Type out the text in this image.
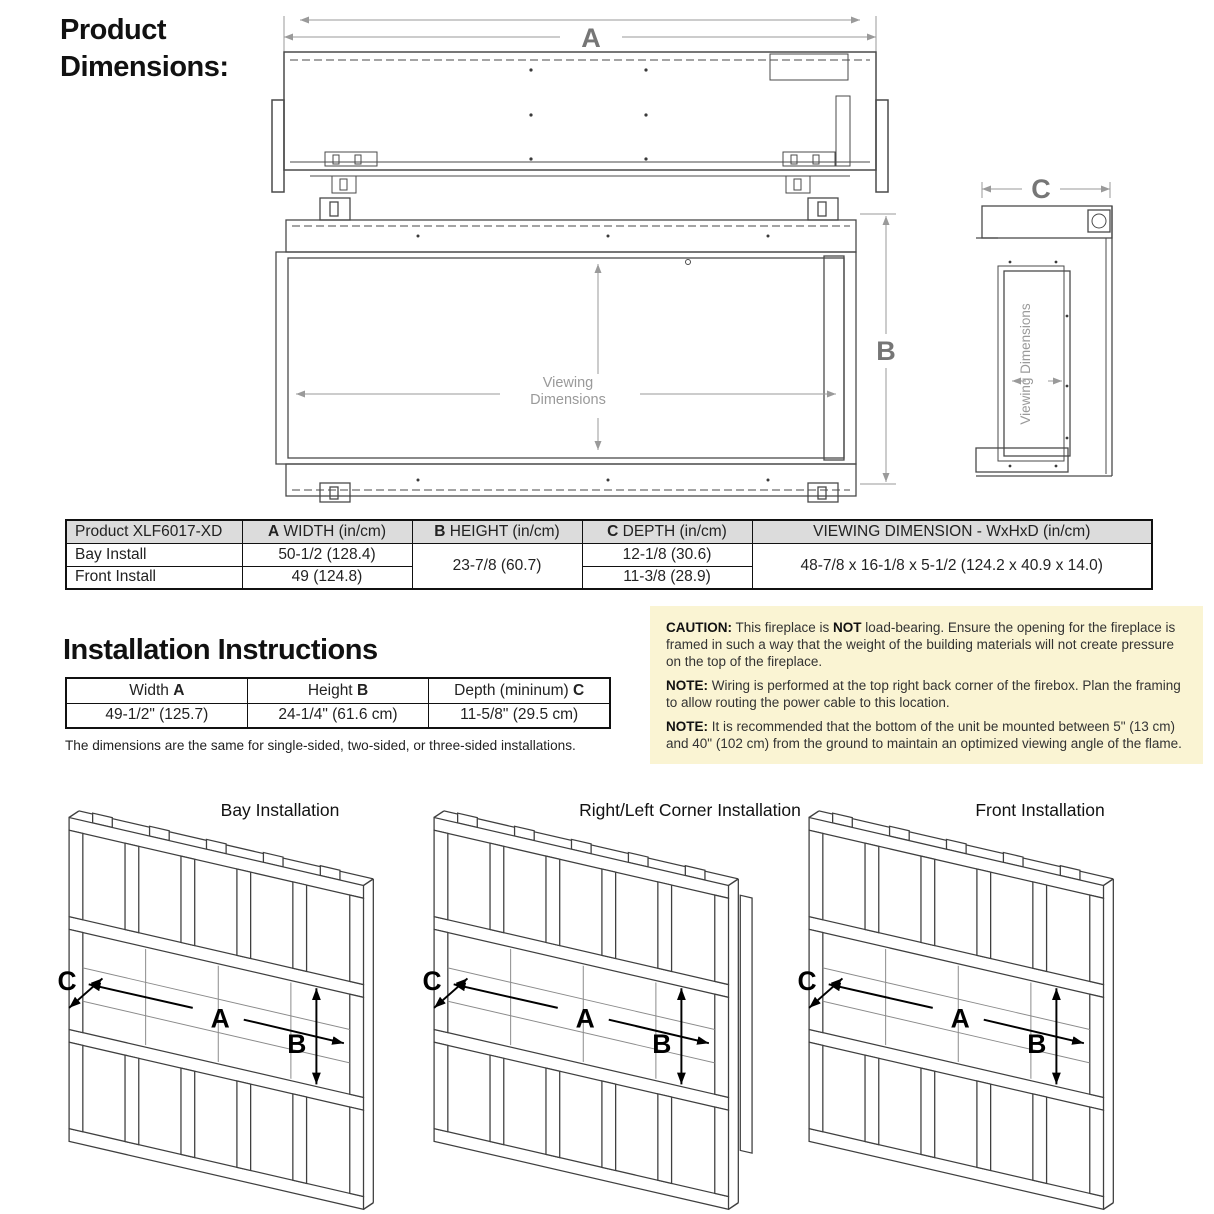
Product
Dimensions:
A
Viewing
Dimensions
B
C
Viewing Dimensions
Product XLF6017-XD	A WIDTH (in/cm)	B HEIGHT (in/cm)	C DEPTH (in/cm)	VIEWING DIMENSION - WxHxD (in/cm)
Bay Install	50-1/2 (128.4)	23-7/8 (60.7)	12-1/8 (30.6)	48-7/8 x 16-1/8 x 5-1/2 (124.2 x 40.9 x 14.0)
Front Install	49 (124.8)		11-3/8 (28.9)	

CAUTION: This fireplace is NOT load-bearing. Ensure the opening for the fireplace is framed in such a way that the weight of the building materials will not create pressure on the top of the fireplace.

NOTE: Wiring is performed at the top right back corner of the firebox. Plan the framing to allow routing the power cable to this location.

NOTE: It is recommended that the bottom of the unit be mounted between 5" (13 cm) and 40" (102 cm) from the ground to maintain an optimized viewing angle of the flame.

Installation Instructions
Width A	Height B	Depth (mininum) C
49-1/2" (125.7)	24-1/4" (61.6 cm)	11-5/8" (29.5 cm)
The dimensions are the same for single-sided, two-sided, or three-sided installations.
Bay Installation	Right/Left Corner Installation	Front Installation
A
B
C
A
B
C
A
B
C
